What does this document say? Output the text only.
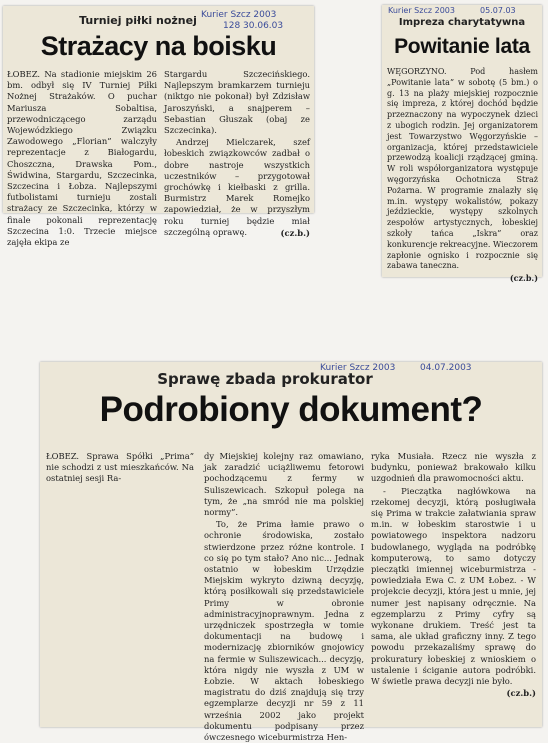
Kurier Szcz 2003
128 30.06.03
Turniej piłki nożnej
Strażacy na boisku

ŁOBEZ. Na stadionie miejskim 26 bm. odbył się IV Turniej Piłki Nożnej Strażaków. O puchar Mariusza Sobaltisa, przewodniczącego zarządu Wojewódzkiego Związku Zawodowego „Florian” walczyły reprezentacje z Białogardu, Choszczna, Drawska Pom., Świdwina, Stargardu, Szczecinka, Szczecina i Łobza. Najlepszymi futbolistami turnieju zostali strażacy ze Szczecinka, którzy w finale pokonali reprezentację Szczecina 1:0. Trzecie miejsce zajęła ekipa ze

Stargardu Szczecińskiego. Najlepszym bramkarzem turnieju (niktgo nie pokonał) był Zdzisław Jaroszyński, a snajperem – Sebastian Głuszak (obaj ze Szczecinka).

Andrzej Mielczarek, szef łobeskich związkowców zadbał o dobre nastroje wszystkich uczestników – przygotował grochówkę i kiełbaski z grilla. Burmistrz Marek Romejko zapowiedział, że w przyszłym roku turniej będzie miał szczególną oprawę.	(cz.b.)
Kurier Szcz 2003	05.07.03
Impreza charytatywna
Powitanie lata

WĘGORZYNO. Pod hasłem „Powitanie lata” w sobotę (5 bm.) o g. 13 na plaży miejskiej rozpocznie się impreza, z której dochód będzie przeznaczony na wypoczynek dzieci z ubogich rodzin. Jej organizatorem jest Towarzystwo Węgorzyńskie – organizacja, której przedstawiciele przewodzą koalicji rządzącej gminą. W roli współorganizatora występuje węgorzyńska Ochotnicza Straż Pożarna. W programie znalazły się m.in. występy wokalistów, pokazy jeździeckie, występy szkolnych zespołów artystycznych, łobeskiej szkoły tańca „Iskra” oraz konkurencje rekreacyjne. Wieczorem zapłonie ognisko i rozpocznie się zabawa taneczna.

(cz.b.)
Kurier Szcz 2003	04.07.2003
Sprawę zbada prokurator
Podrobiony dokument?

ŁOBEZ. Sprawa Spółki „Prima” nie schodzi z ust mieszkańców. Na ostatniej sesji Ra-

dy Miejskiej kolejny raz omawiano, jak zaradzić uciążliwemu fetorowi pochodzącemu z fermy w Suliszewicach. Szkopuł polega na tym, że „na smród nie ma polskiej normy”.

To, że Prima łamie prawo o ochronie środowiska, zostało stwierdzone przez różne kontrole. I co się po tym stało? Ano nic... Jednak ostatnio w łobeskim Urzędzie Miejskim wykryto dziwną decyzję, którą posiłkowali się przedstawiciele Primy w obronie administracyjnoprawnym. Jedna z urzędniczek spostrzegła w tomie dokumentacji na budowę i modernizację zbiorników gnojowicy na fermie w Suliszewicach... decyzję, która nigdy nie wyszła z UM w Łobzie. W aktach łobeskiego magistratu do dziś znajdują się trzy egzemplarze decyzji nr 59 z 11 września 2002 jako projekt dokumentu podpisany przez ówczesnego wiceburmistrza Hen-

ryka Musiała. Rzecz nie wyszła z budynku, ponieważ brakowało kilku uzgodnień dla prawomocności aktu.

- Pieczątka nagłówkowa na rzekomej decyzji, którą posługiwała się Prima w trakcie załatwiania spraw m.in. w łobeskim starostwie i u powiatowego inspektora nadzoru budowlanego, wygląda na podróbkę komputerową, to samo dotyczy pieczątki imiennej wiceburmistrza - powiedziała Ewa C. z UM Łobez. - W projekcie decyzji, która jest u mnie, jej numer jest napisany odręcznie. Na egzemplarzu z Primy cyfry są wykonane drukiem. Treść jest ta sama, ale układ graficzny inny. Z tego powodu przekazaliśmy sprawę do prokuratury łobeskiej z wnioskiem o ustalenie i ściganie autora podróbki. W świetle prawa decyzji nie było.

(cz.b.)
